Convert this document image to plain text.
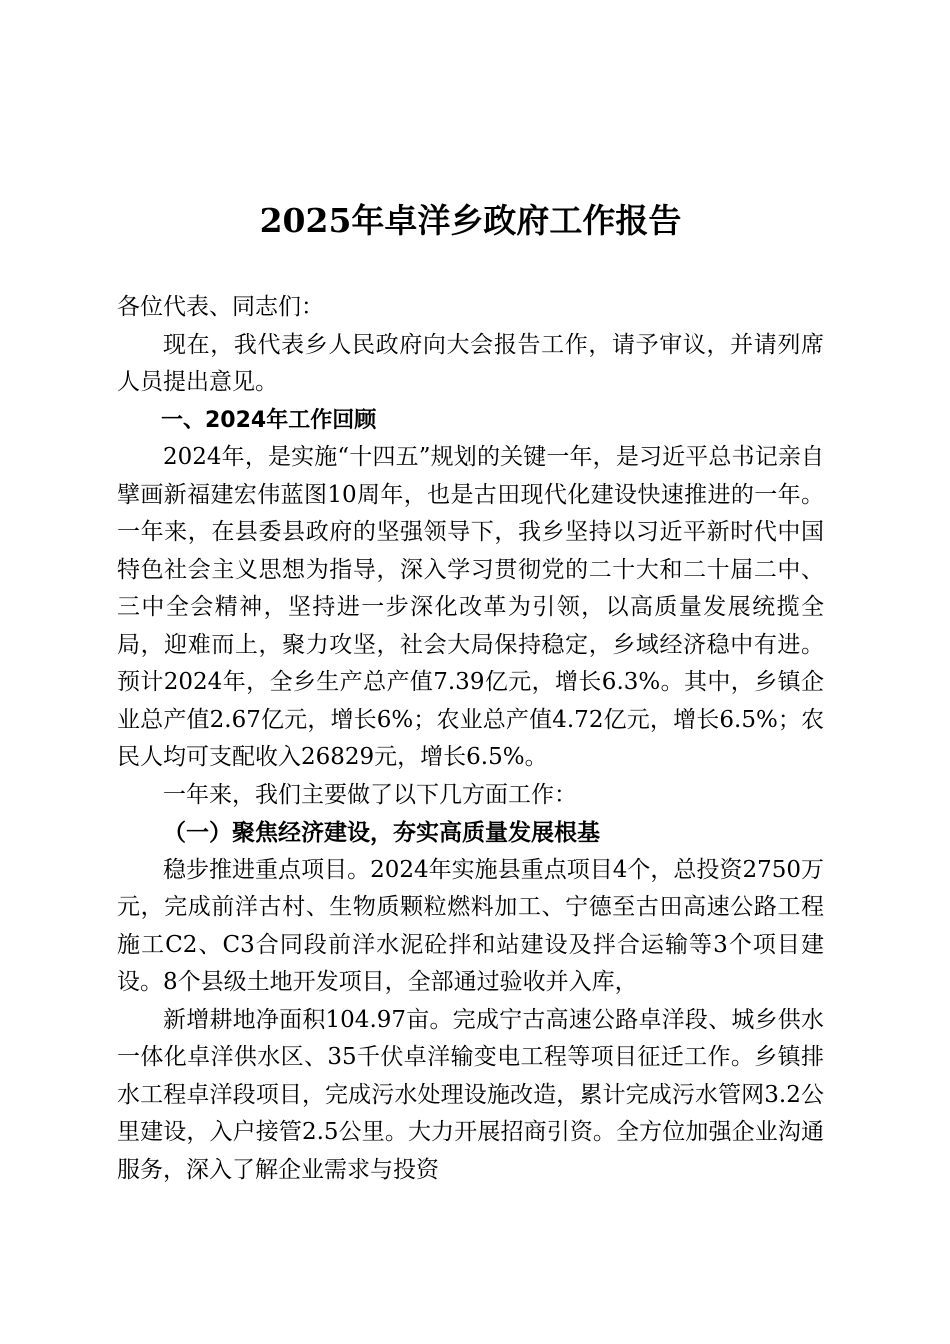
2025年卓洋乡政府工作报告

各位代表、同志们：

现在，我代表乡人民政府向大会报告工作，请予审议，并请列席人员提出意见。

一、2024年工作回顾

2024年，是实施“十四五”规划的关键一年，是习近平总书记亲自擘画新福建宏伟蓝图10周年，也是古田现代化建设快速推进的一年。一年来，在县委县政府的坚强领导下，我乡坚持以习近平新时代中国特色社会主义思想为指导，深入学习贯彻党的二十大和二十届二中、三中全会精神，坚持进一步深化改革为引领，以高质量发展统揽全局，迎难而上，聚力攻坚，社会大局保持稳定，乡域经济稳中有进。预计2024年，全乡生产总产值7.39亿元，增长6.3%。其中，乡镇企业总产值2.67亿元，增长6%；农业总产值4.72亿元，增长6.5%；农民人均可支配收入26829元，增长6.5%。

一年来，我们主要做了以下几方面工作：

（一）聚焦经济建设，夯实高质量发展根基

稳步推进重点项目。2024年实施县重点项目4个，总投资2750万元，完成前洋古村、生物质颗粒燃料加工、宁德至古田高速公路工程施工C2、C3合同段前洋水泥砼拌和站建设及拌合运输等3个项目建设。8个县级土地开发项目，全部通过验收并入库，

新增耕地净面积104.97亩。完成宁古高速公路卓洋段、城乡供水一体化卓洋供水区、35千伏卓洋输变电工程等项目征迁工作。乡镇排水工程卓洋段项目，完成污水处理设施改造，累计完成污水管网3.2公里建设，入户接管2.5公里。大力开展招商引资。全方位加强企业沟通服务，深入了解企业需求与投资
